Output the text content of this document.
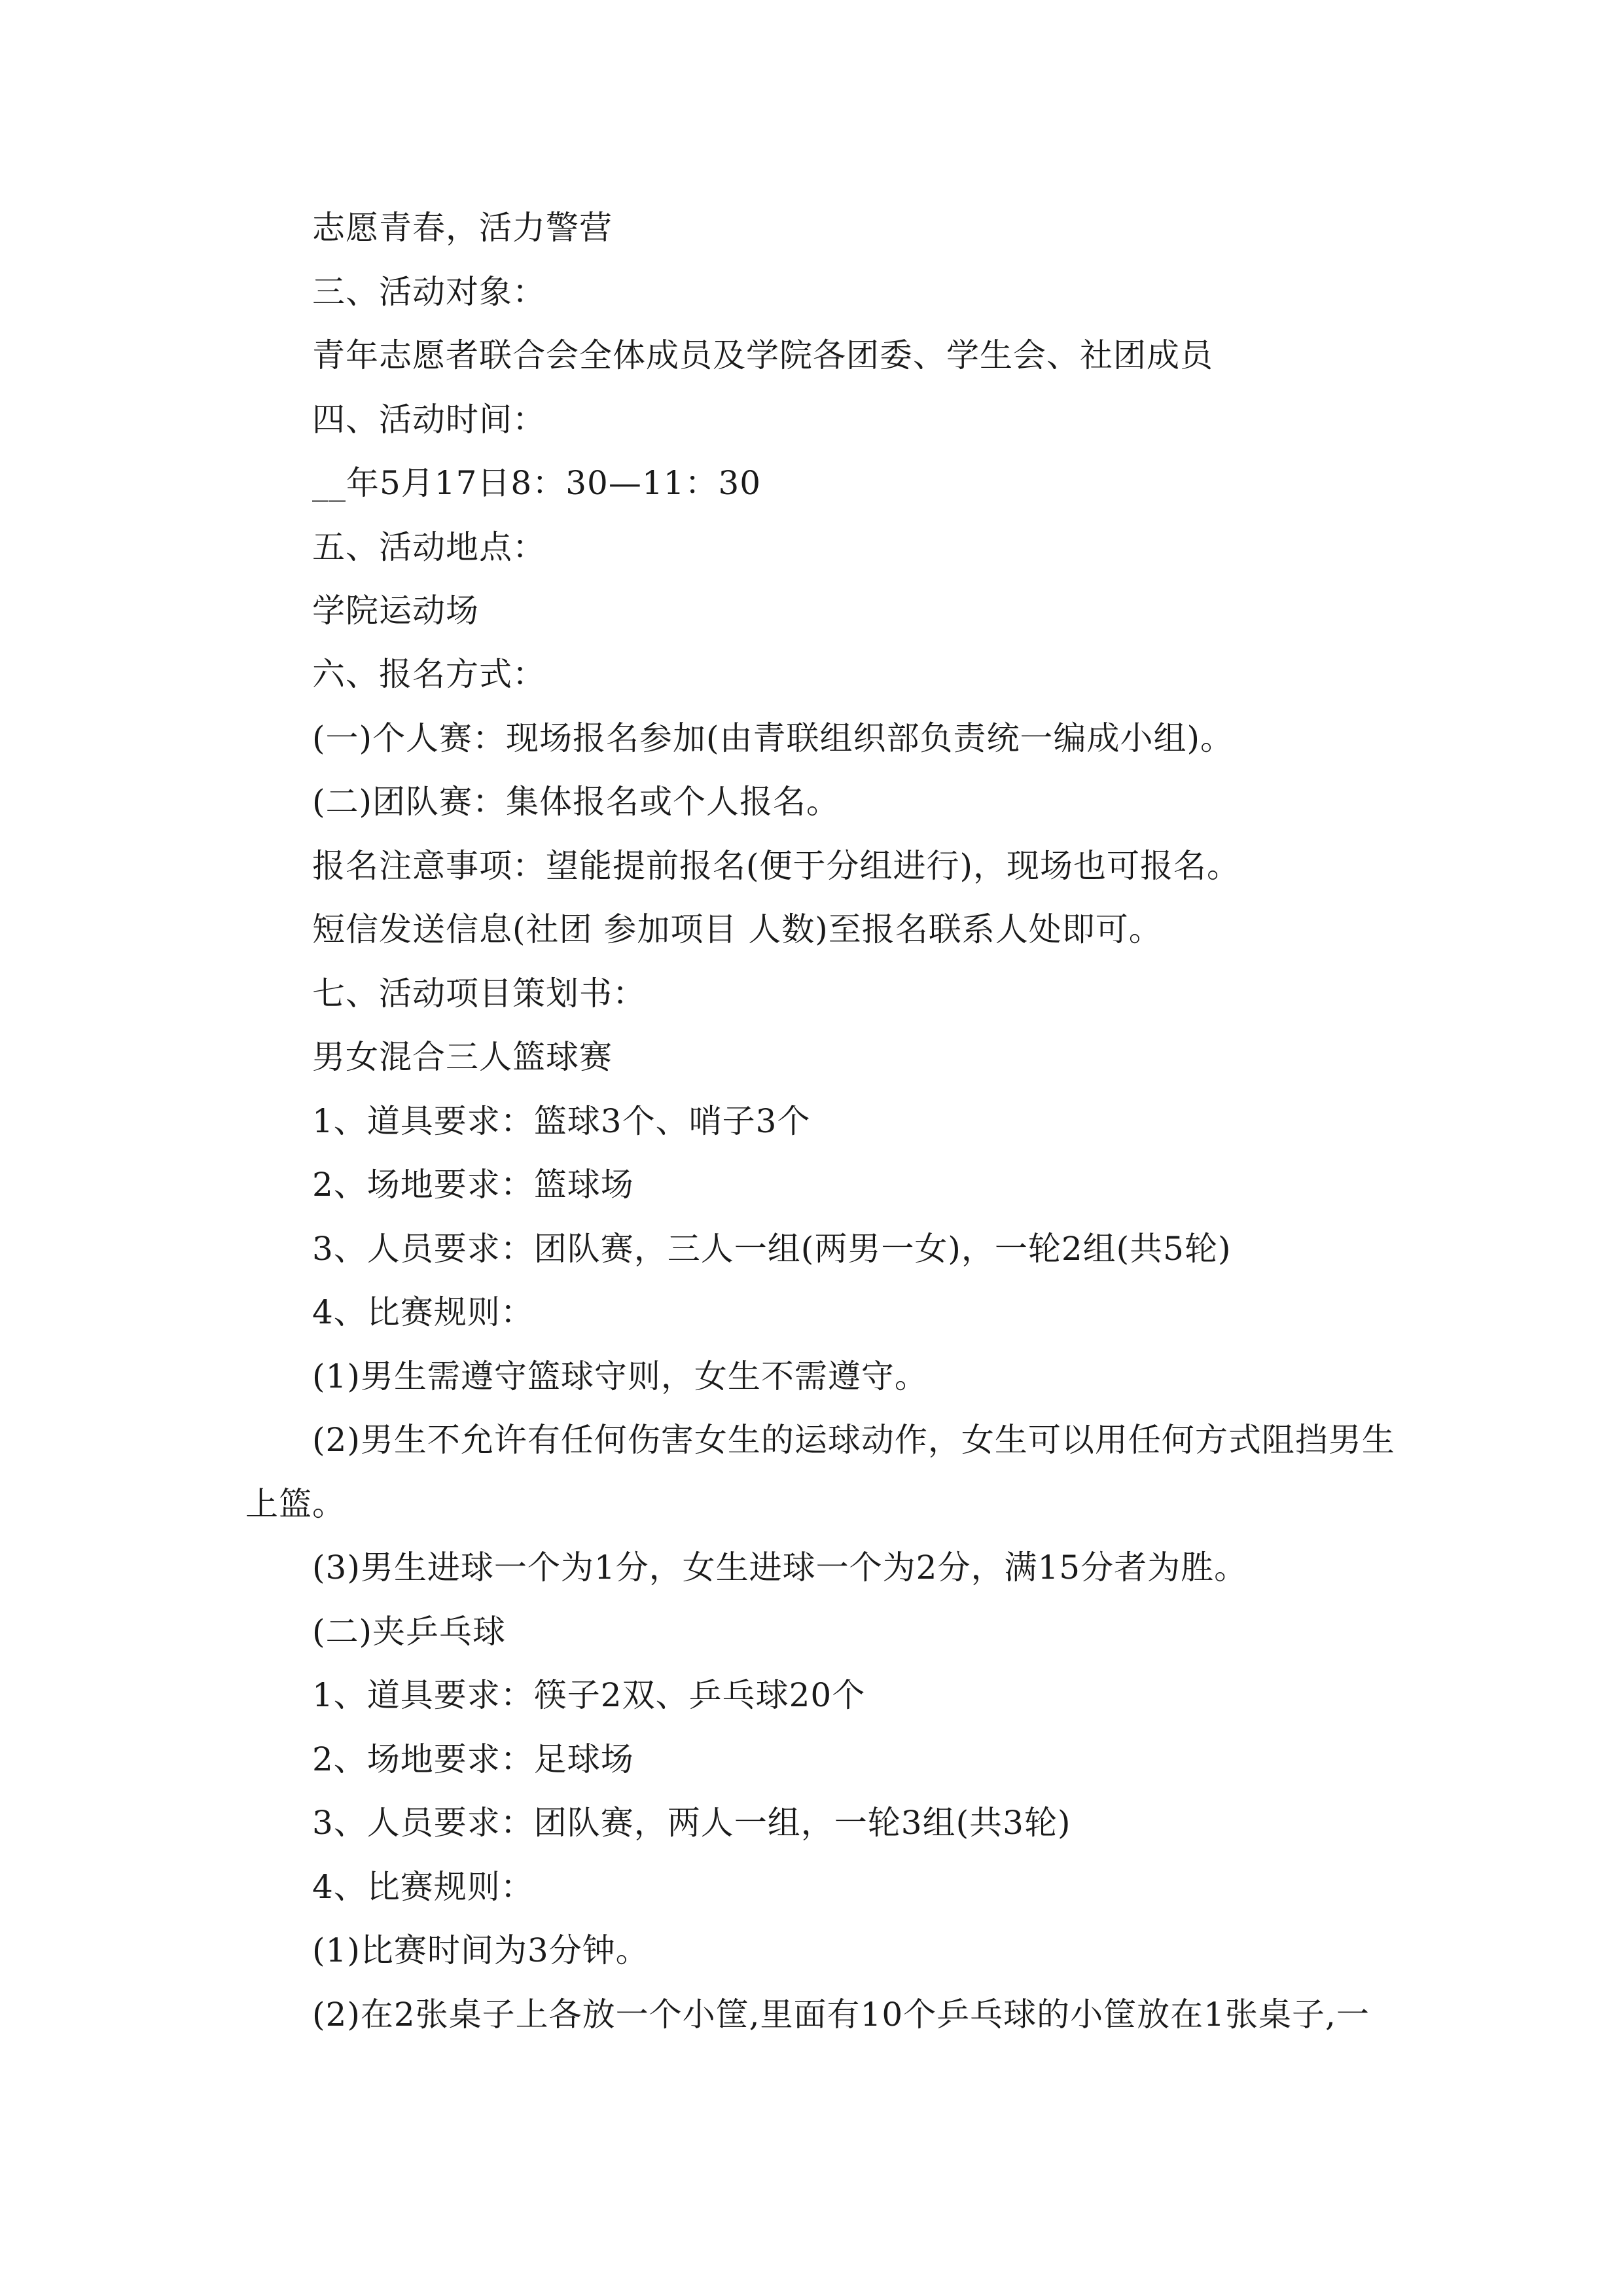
志愿青春，活力警营
三、活动对象：
青年志愿者联合会全体成员及学院各团委、学生会、社团成员
四、活动时间：
__年5月17日8：30—11：30
五、活动地点：
学院运动场
六、报名方式：
(一)个人赛：现场报名参加(由青联组织部负责统一编成小组)。
(二)团队赛：集体报名或个人报名。
报名注意事项：望能提前报名(便于分组进行)，现场也可报名。
短信发送信息(社团 参加项目 人数)至报名联系人处即可。
七、活动项目策划书：
男女混合三人篮球赛
1、道具要求：篮球3个、哨子3个
2、场地要求：篮球场
3、人员要求：团队赛，三人一组(两男一女)，一轮2组(共5轮)
4、比赛规则：
(1)男生需遵守篮球守则，女生不需遵守。
(2)男生不允许有任何伤害女生的运球动作，女生可以用任何方式阻挡男生
上篮。
(3)男生进球一个为1分，女生进球一个为2分，满15分者为胜。
(二)夹乒乓球
1、道具要求：筷子2双、乒乓球20个
2、场地要求：足球场
3、人员要求：团队赛，两人一组，一轮3组(共3轮)
4、比赛规则：
(1)比赛时间为3分钟。
(2)在2张桌子上各放一个小筐,里面有10个乒乓球的小筐放在1张桌子,一
